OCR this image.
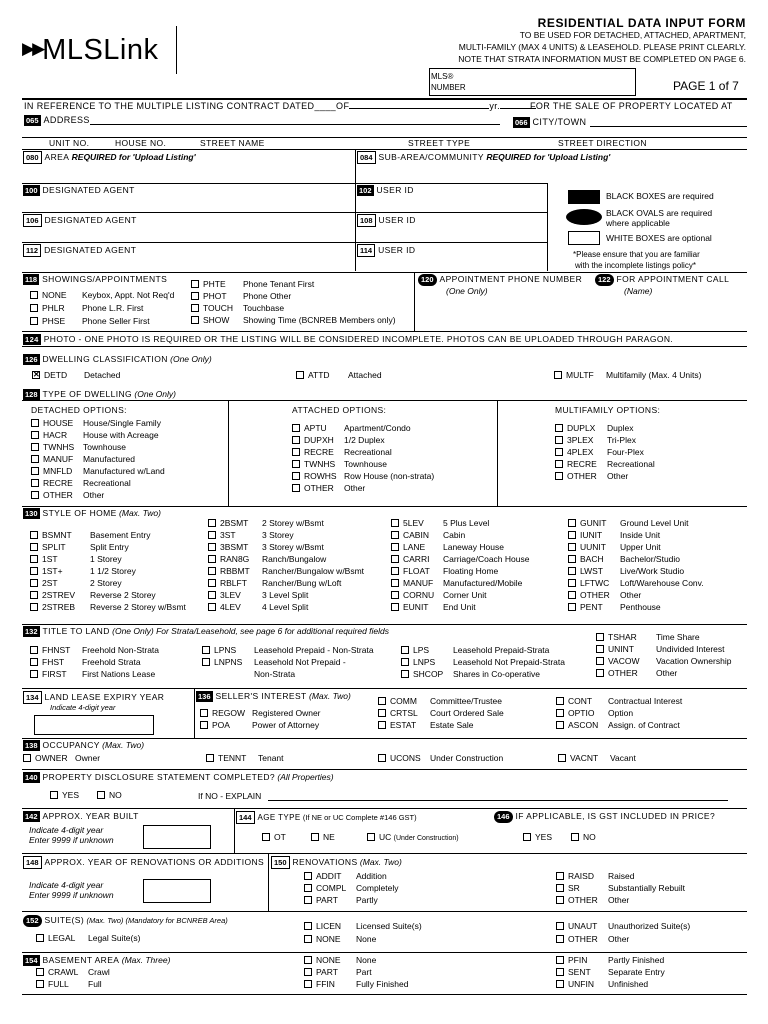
▶▶MLSLink
RESIDENTIAL DATA INPUT FORM
TO BE USED FOR DETACHED, ATTACHED, APARTMENT,
MULTI-FAMILY (MAX 4 UNITS) & LEASEHOLD. PLEASE PRINT CLEARLY.
NOTE THAT STRATA INFORMATION MUST BE COMPLETED ON PAGE 6.
MLS®
NUMBER	PAGE 1 of 7
IN REFERENCE TO THE MULTIPLE LISTING CONTRACT DATED____OF	yr.	FOR THE SALE OF PROPERTY LOCATED AT
065 ADDRESS	066 CITY/TOWN
UNIT NO.	HOUSE NO.	STREET NAME	STREET TYPE	STREET DIRECTION
080 AREA REQUIRED for 'Upload Listing'	084 SUB-AREA/COMMUNITY REQUIRED for 'Upload Listing'
100 DESIGNATED AGENT	102 USER ID
106 DESIGNATED AGENT	108 USER ID
112 DESIGNATED AGENT	114 USER ID
BLACK BOXES are required
BLACK OVALS are required
where applicable
WHITE BOXES are optional
*Please ensure that you are familiar
with the incomplete listings policy*
118 SHOWINGS/APPOINTMENTS
NONE Keybox, Appt. Not Req'd
PHLR Phone L.R. First
PHSE Phone Seller First
PHTE Phone Tenant First
PHOT Phone Other
TOUCH Touchbase
SHOW Showing Time (BCNREB Members only)
120 APPOINTMENT PHONE NUMBER
(One Only)
122 FOR APPOINTMENT CALL
(Name)
124 PHOTO - ONE PHOTO IS REQUIRED OR THE LISTING WILL BE CONSIDERED INCOMPLETE. PHOTOS CAN BE UPLOADED THROUGH PARAGON.
126 DWELLING CLASSIFICATION (One Only)
✕DETD Detached	ATTD Attached	MULTF Multifamily (Max. 4 Units)
128 TYPE OF DWELLING (One Only)
DETACHED OPTIONS:	ATTACHED OPTIONS:	MULTIFAMILY OPTIONS:
HOUSE House/Single Family
HACR House with Acreage
TWNHS Townhouse
MANUF Manufactured
MNFLD Manufactured w/Land
RECRE Recreational
OTHER Other
APTU Apartment/Condo
DUPXH 1/2 Duplex
RECRE Recreational
TWNHS Townhouse
ROWHS Row House (non-strata)
OTHER Other
DUPLX Duplex
3PLEX Tri-Plex
4PLEX Four-Plex
RECRE Recreational
OTHER Other
130 STYLE OF HOME (Max. Two)
BSMNT Basement Entry
SPLIT	Split Entry
1ST	1 Storey
1ST+	1 1/2 Storey
2ST	2 Storey
2STREV Reverse 2 Storey
2STREB Reverse 2 Storey w/Bsmt
2BSMT 2 Storey w/Bsmt
3ST	3 Storey
3BSMT 3 Storey w/Bsmt
RAN8G Ranch/Bungalow
RBBMT Rancher/Bungalow w/Bsmt
RBLFT Rancher/Bung w/Loft
3LEV 3 Level Split
4LEV 4 Level Split
5LEV 5 Plus Level
CABIN Cabin
LANE Laneway House
CARRI Carriage/Coach House
FLOAT Floating Home
MANUF Manufactured/Mobile
CORNU Corner Unit
EUNIT End Unit
GUNIT Ground Level Unit
IUNIT Inside Unit
UUNIT Upper Unit
BACH Bachelor/Studio
LWST Live/Work Studio
LFTWC Loft/Warehouse Conv.
OTHER Other
PENT Penthouse
132 TITLE TO LAND (One Only) For Strata/Leasehold, see page 6 for additional required fields
FHNST Freehold Non-Strata
FHST Freehold Strata
FIRST First Nations Lease
LPNS Leasehold Prepaid - Non-Strata
LNPNS Leasehold Not Prepaid -
Non-Strata
LPS	Leasehold Prepaid-Strata
LNPS Leasehold Not Prepaid-Strata
SHCOP Shares in Co-operative
TSHAR Time Share
UNINT	Undivided Interest
VACOW Vacation Ownership
OTHER Other
134 LAND LEASE EXPIRY YEAR
Indicate 4-digit year
136 SELLER'S INTEREST (Max. Two)
REGOW Registered Owner
POA	Power of Attorney
COMM Committee/Trustee
CRTSL Court Ordered Sale
ESTAT Estate Sale
CONT Contractual Interest
OPTIO Option
ASCON Assign. of Contract
138 OCCUPANCY (Max. Two)
OWNER Owner	TENNT Tenant	UCONS Under Construction	VACNT Vacant
140 PROPERTY DISCLOSURE STATEMENT COMPLETED? (All Properties)
YES	NO	If NO - EXPLAIN
142 APPROX. YEAR BUILT
Indicate 4-digit year
Enter 9999 if unknown
144 AGE TYPE (If NE or UC Complete #146 GST)
OT	NE	UC (Under Construction)
146 IF APPLICABLE, IS GST INCLUDED IN PRICE?
YES	NO
148 APPROX. YEAR OF RENOVATIONS OR ADDITIONS
Indicate 4-digit year
Enter 9999 if unknown
150 RENOVATIONS (Max. Two)
ADDIT Addition
COMPL Completely
PART Partly
RAISD Raised
SR	Substantially Rebuilt
OTHER Other
152 SUITE(S) (Max. Two) (Mandatory for BCNREB Area)
LEGAL Legal Suite(s)
LICEN Licensed Suite(s)
NONE None
UNAUT Unauthorized Suite(s)
OTHER Other
154 BASEMENT AREA (Max. Three)
CRAWL Crawl
FULL Full
NONE None
PART Part
FFIN Fully Finished
PFIN Partly Finished
SENT Separate Entry
UNFIN Unfinished
